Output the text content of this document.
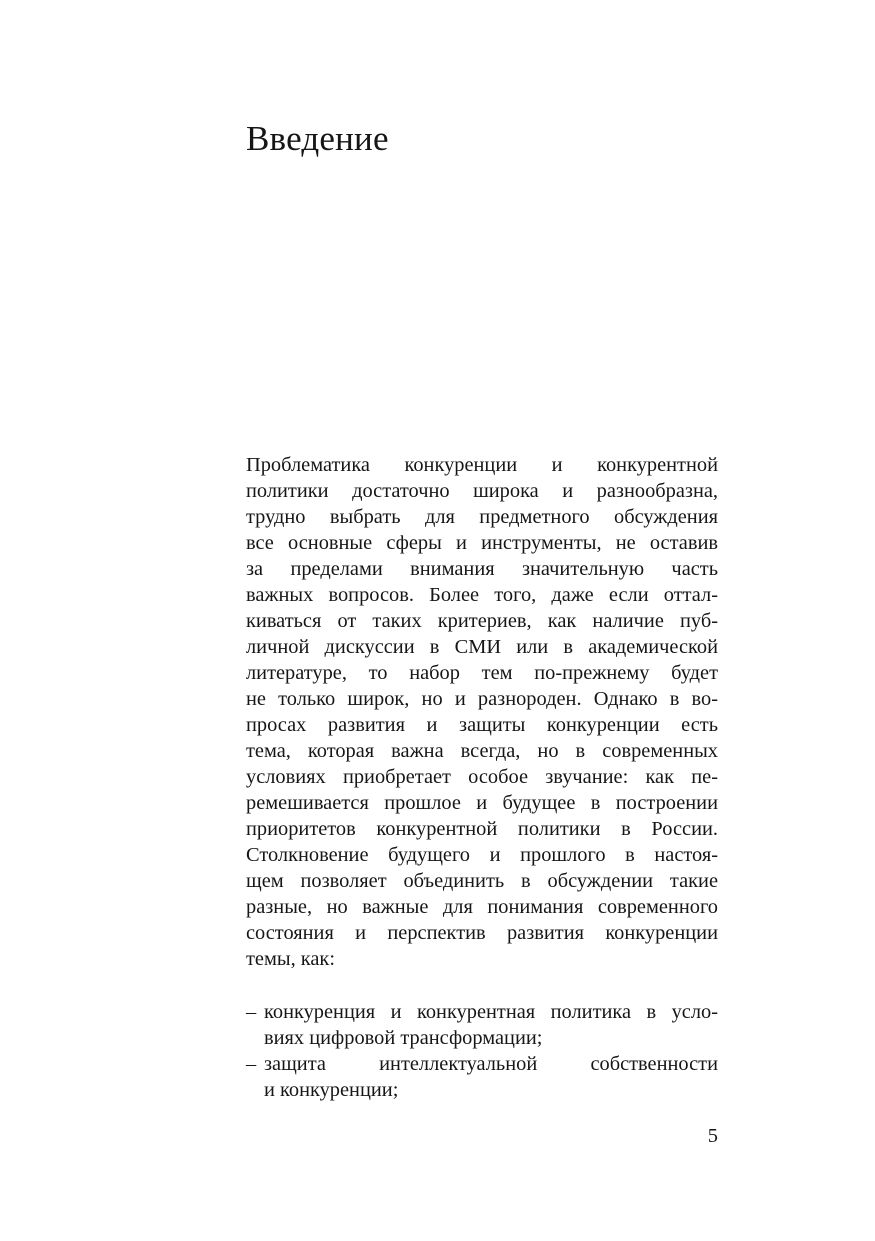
Введение
Проблематика конкуренции и конкурентной
политики достаточно широка и разнообразна,
трудно выбрать для предметного обсуждения
все основные сферы и инструменты, не оставив
за пределами внимания значительную часть
важных вопросов. Более того, даже если оттал-
киваться от таких критериев, как наличие пуб-
личной дискуссии в СМИ или в академической
литературе, то набор тем по-прежнему будет
не только широк, но и разнороден. Однако в во-
просах развития и защиты конкуренции есть
тема, которая важна всегда, но в современных
условиях приобретает особое звучание: как пе-
ремешивается прошлое и будущее в построении
приоритетов конкурентной политики в России.
Столкновение будущего и прошлого в настоя-
щем позволяет объединить в обсуждении такие
разные, но важные для понимания современного
состояния и перспектив развития конкуренции
темы, как:
– конкуренция и конкурентная политика в усло-
виях цифровой трансформации;
– защита интеллектуальной собственности
и конкуренции;
5
